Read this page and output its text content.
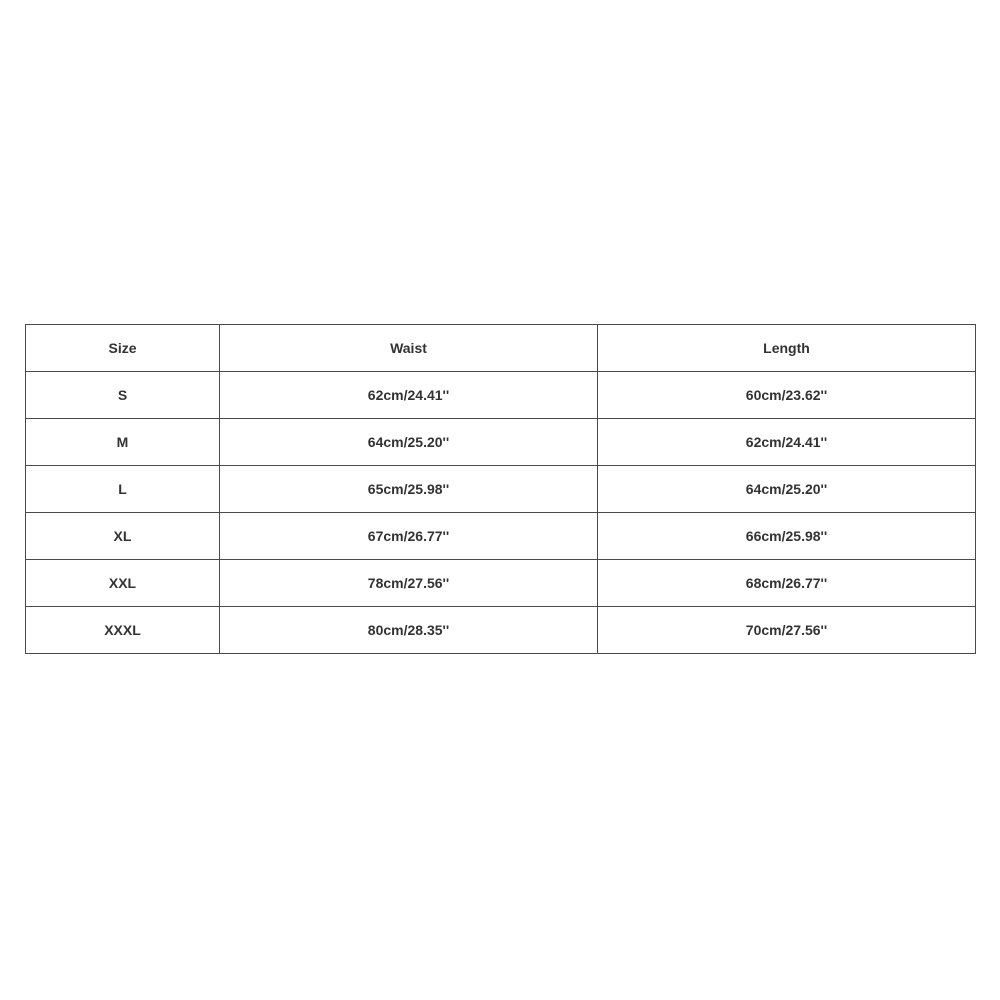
Size	Waist	Length
S	62cm/24.41''	60cm/23.62''
M	64cm/25.20''	62cm/24.41''
L	65cm/25.98''	64cm/25.20''
XL	67cm/26.77''	66cm/25.98''
XXL	78cm/27.56''	68cm/26.77''
XXXL	80cm/28.35''	70cm/27.56''
